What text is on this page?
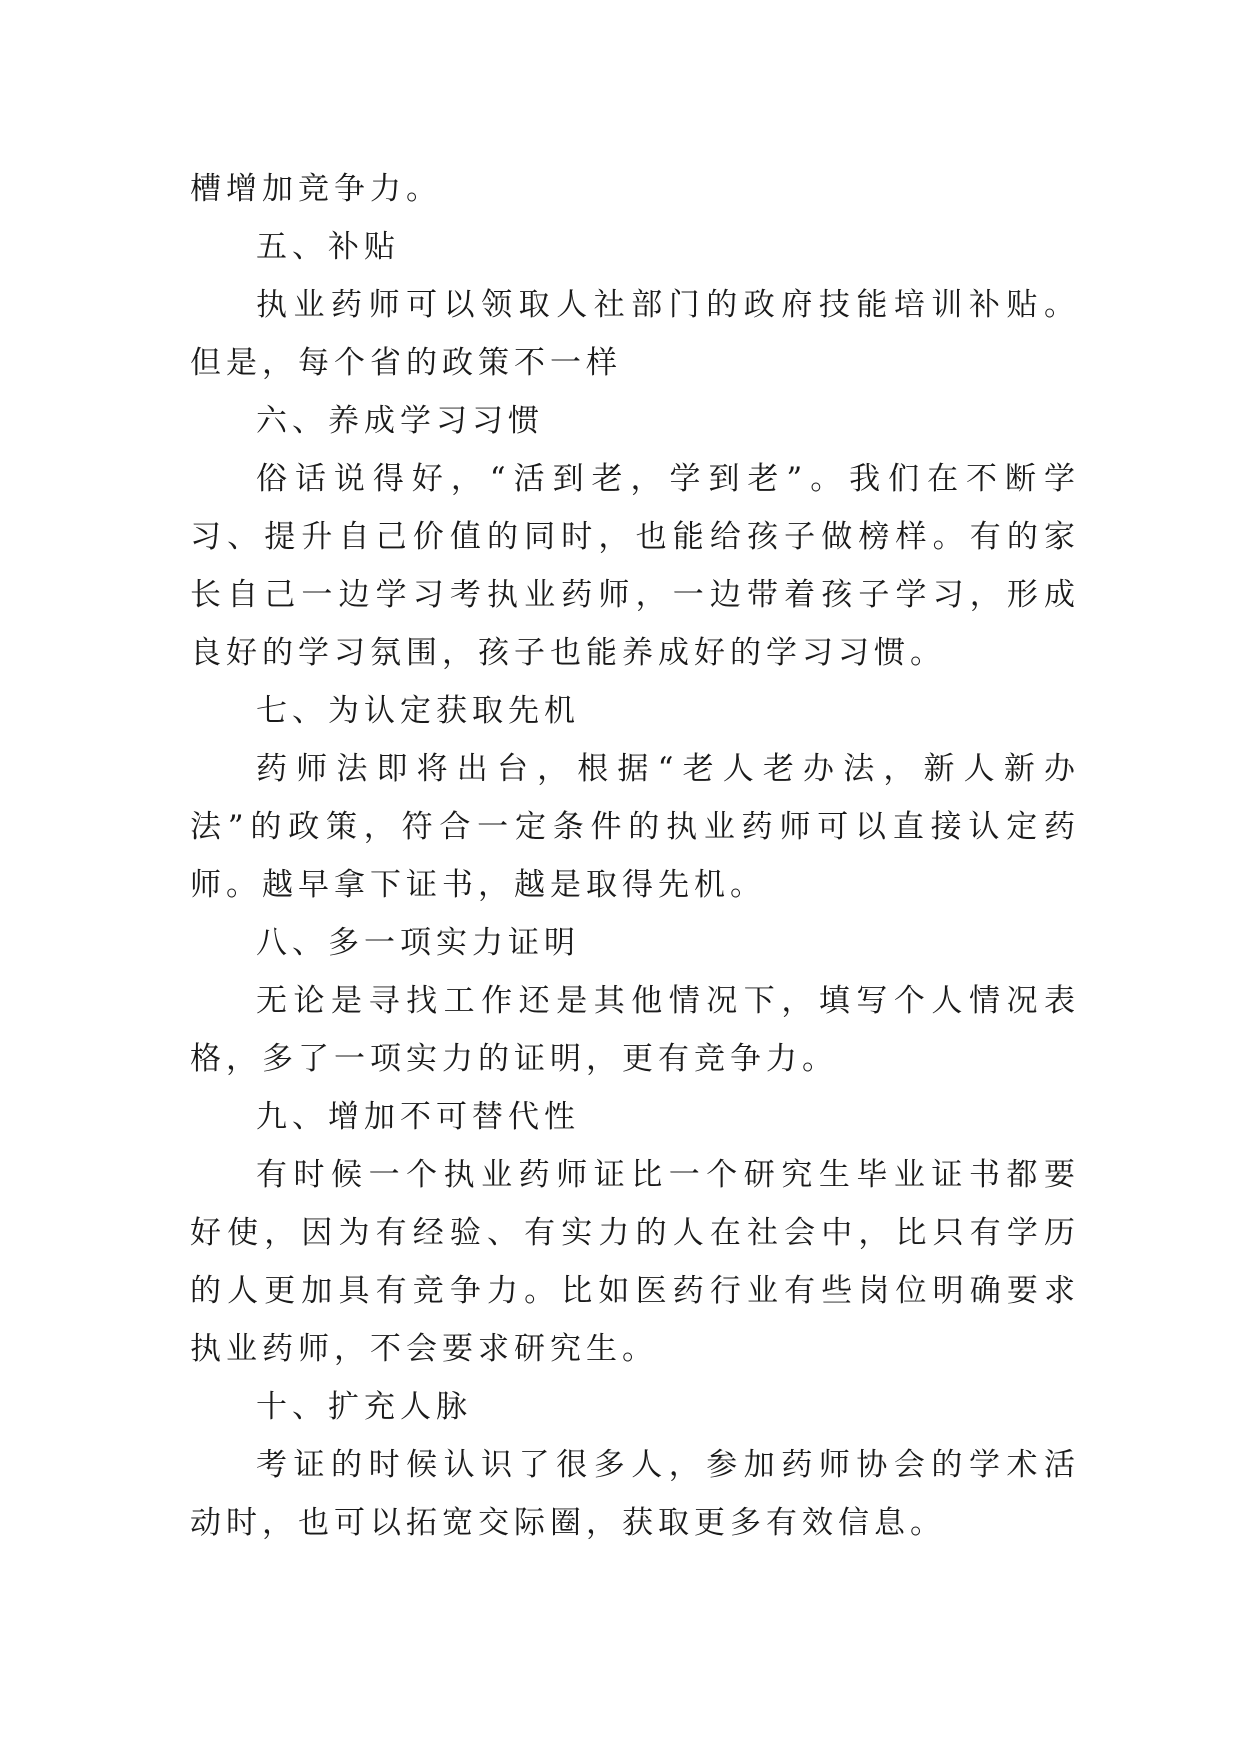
槽增加竞争力。

五、补贴

执业药师可以领取人社部门的政府技能培训补贴。但是，每个省的政策不一样

六、养成学习习惯

俗话说得好，“活到老，学到老”。我们在不断学习、提升自己价值的同时，也能给孩子做榜样。有的家长自己一边学习考执业药师，一边带着孩子学习，形成良好的学习氛围，孩子也能养成好的学习习惯。

七、为认定获取先机

药师法即将出台，根据“老人老办法，新人新办法”的政策，符合一定条件的执业药师可以直接认定药师。越早拿下证书，越是取得先机。

八、多一项实力证明

无论是寻找工作还是其他情况下，填写个人情况表格，多了一项实力的证明，更有竞争力。

九、增加不可替代性

有时候一个执业药师证比一个研究生毕业证书都要好使，因为有经验、有实力的人在社会中，比只有学历的人更加具有竞争力。比如医药行业有些岗位明确要求执业药师，不会要求研究生。

十、扩充人脉

考证的时候认识了很多人，参加药师协会的学术活动时，也可以拓宽交际圈，获取更多有效信息。
